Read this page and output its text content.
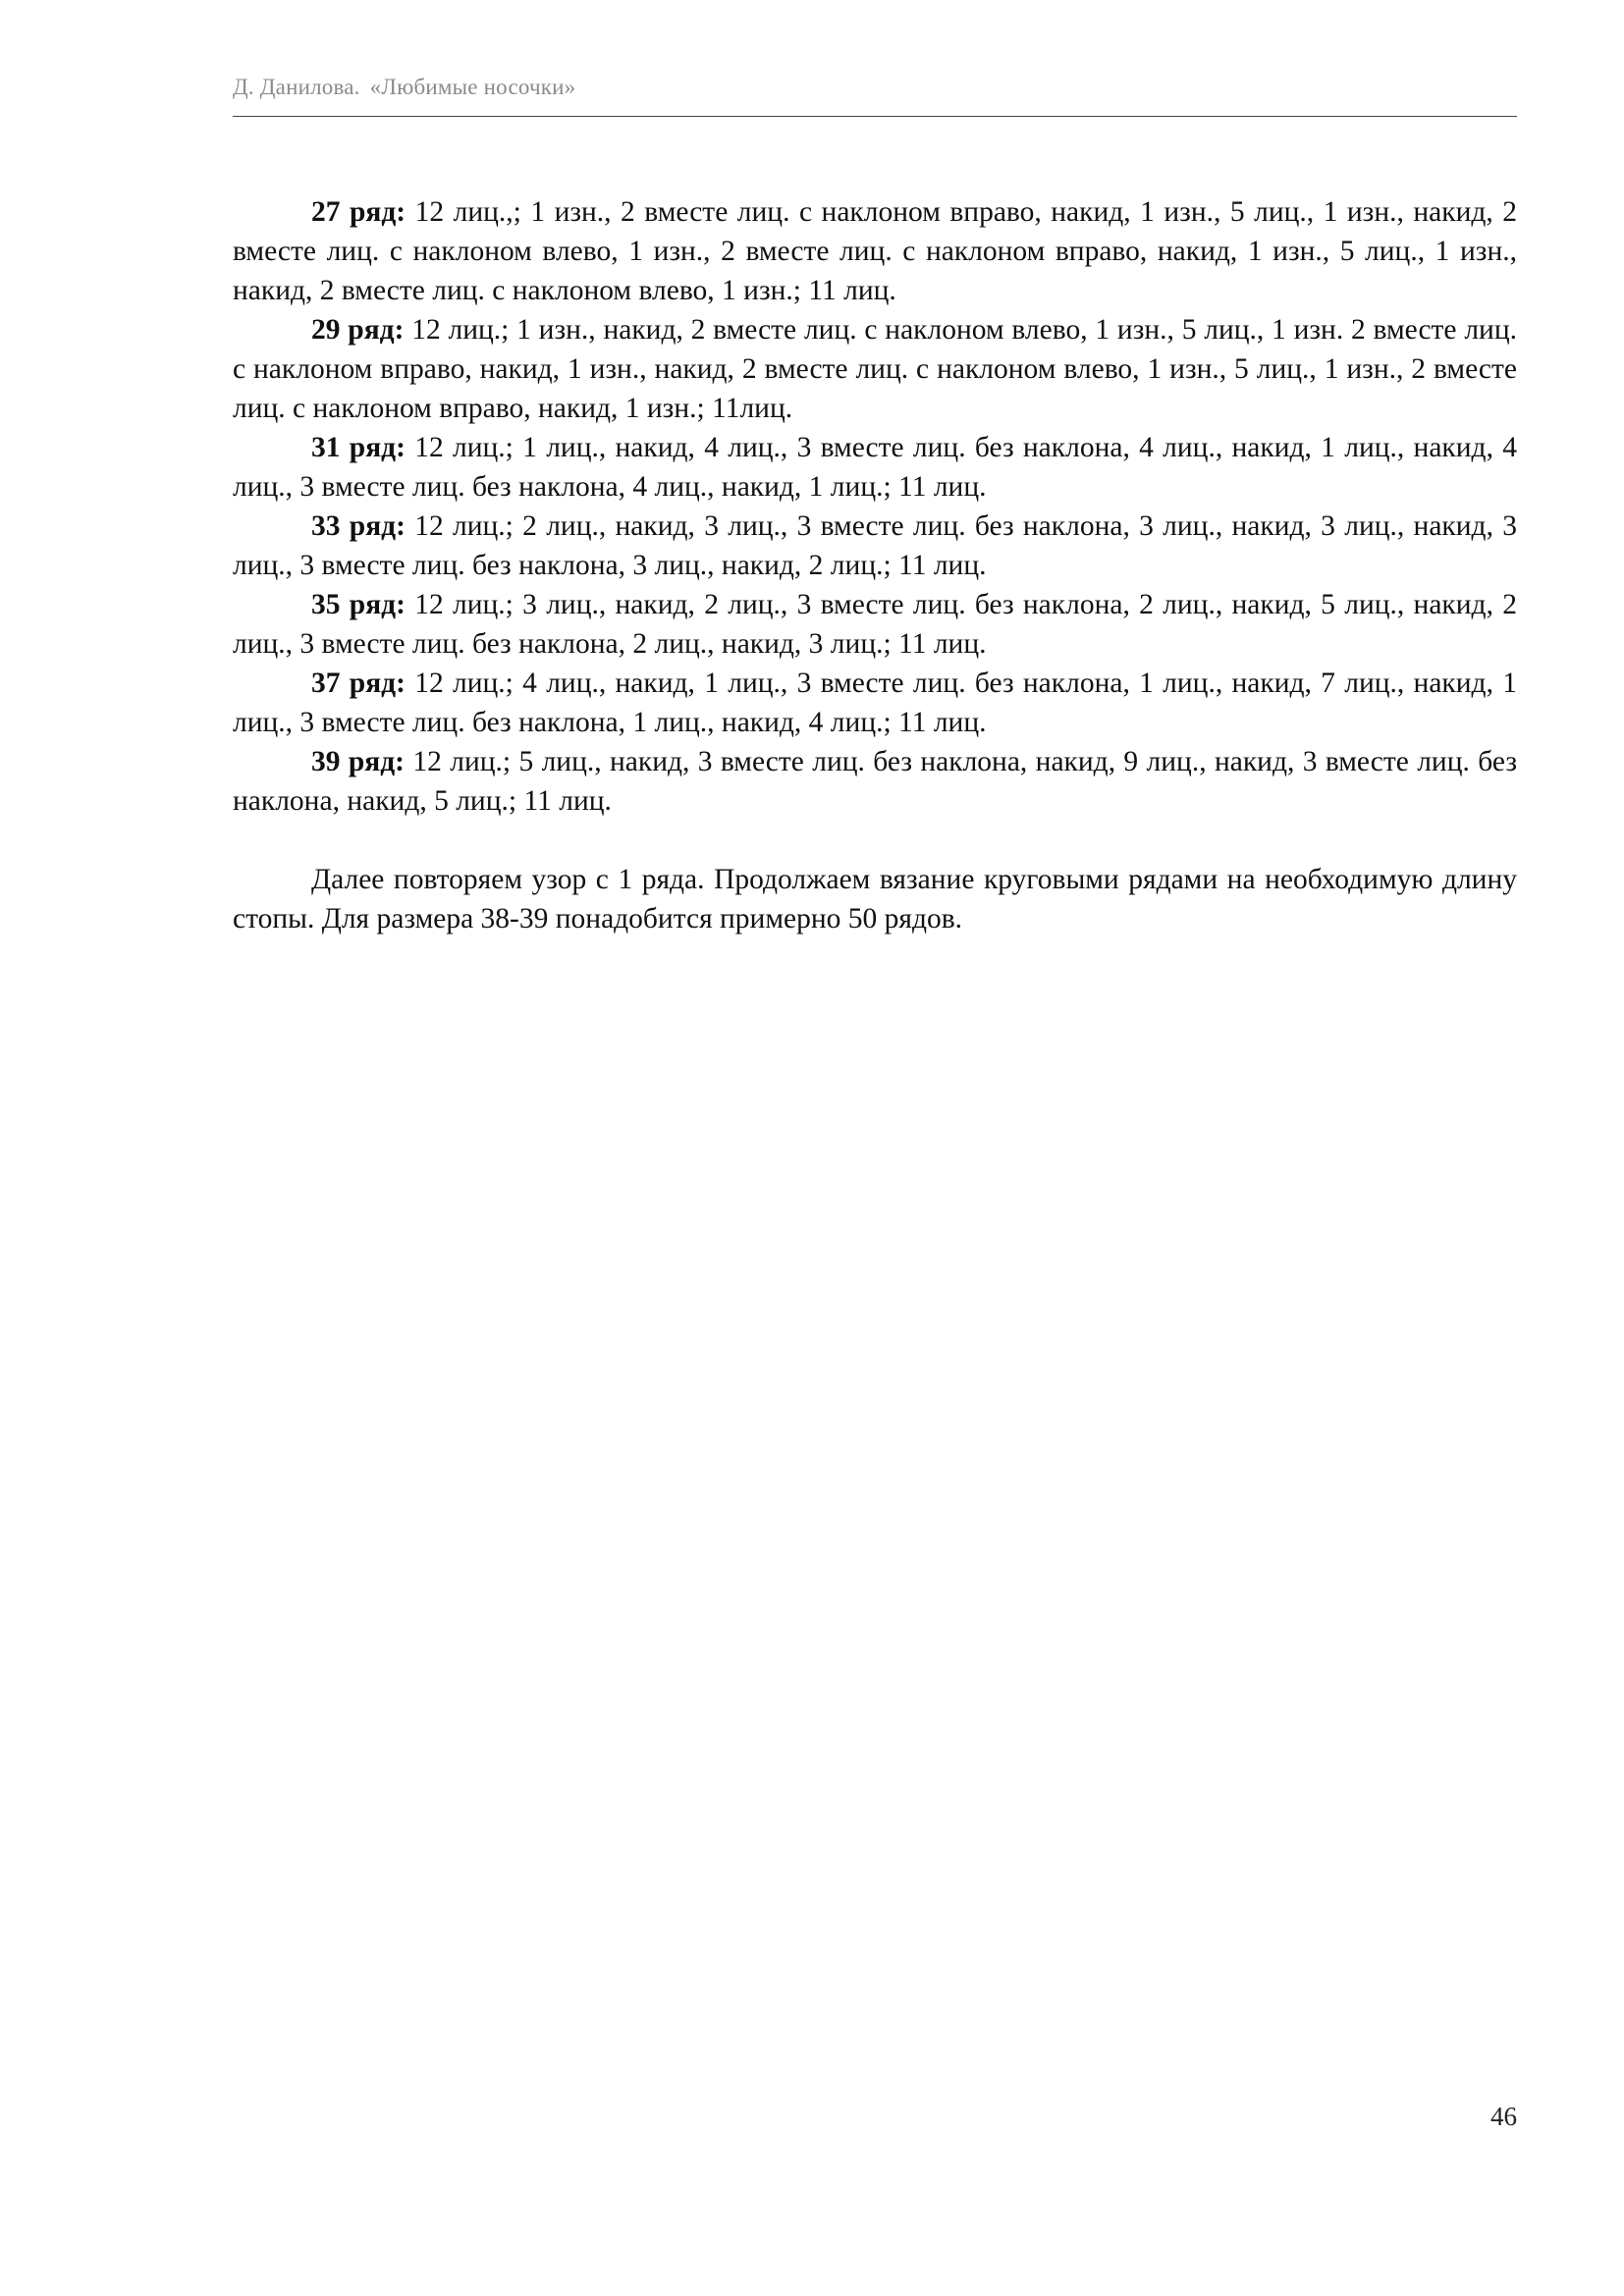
Д. Данилова. «Любимые носочки»

27 ряд: 12 лиц.,; 1 изн., 2 вместе лиц. с наклоном вправо, накид, 1 изн., 5 лиц., 1 изн., накид, 2 вместе лиц. с наклоном влево, 1 изн., 2 вместе лиц. с наклоном вправо, накид, 1 изн., 5 лиц., 1 изн., накид, 2 вместе лиц. с наклоном влево, 1 изн.; 11 лиц.

29 ряд: 12 лиц.; 1 изн., накид, 2 вместе лиц. с наклоном влево, 1 изн., 5 лиц., 1 изн. 2 вместе лиц. с наклоном вправо, накид, 1 изн., накид, 2 вместе лиц. с наклоном влево, 1 изн., 5 лиц., 1 изн., 2 вместе лиц. с наклоном вправо, накид, 1 изн.; 11лиц.

31 ряд: 12 лиц.; 1 лиц., накид, 4 лиц., 3 вместе лиц. без наклона, 4 лиц., накид, 1 лиц., накид, 4 лиц., 3 вместе лиц. без наклона, 4 лиц., накид, 1 лиц.; 11 лиц.

33 ряд: 12 лиц.; 2 лиц., накид, 3 лиц., 3 вместе лиц. без наклона, 3 лиц., накид, 3 лиц., накид, 3 лиц., 3 вместе лиц. без наклона, 3 лиц., накид, 2 лиц.; 11 лиц.

35 ряд: 12 лиц.; 3 лиц., накид, 2 лиц., 3 вместе лиц. без наклона, 2 лиц., накид, 5 лиц., накид, 2 лиц., 3 вместе лиц. без наклона, 2 лиц., накид, 3 лиц.; 11 лиц.

37 ряд: 12 лиц.; 4 лиц., накид, 1 лиц., 3 вместе лиц. без наклона, 1 лиц., накид, 7 лиц., накид, 1 лиц., 3 вместе лиц. без наклона, 1 лиц., накид, 4 лиц.; 11 лиц.

39 ряд: 12 лиц.; 5 лиц., накид, 3 вместе лиц. без наклона, накид, 9 лиц., накид, 3 вместе лиц. без наклона, накид, 5 лиц.; 11 лиц.

Далее повторяем узор с 1 ряда. Продолжаем вязание круговыми рядами на необходимую длину стопы. Для размера 38-39 понадобится примерно 50 рядов.

46
